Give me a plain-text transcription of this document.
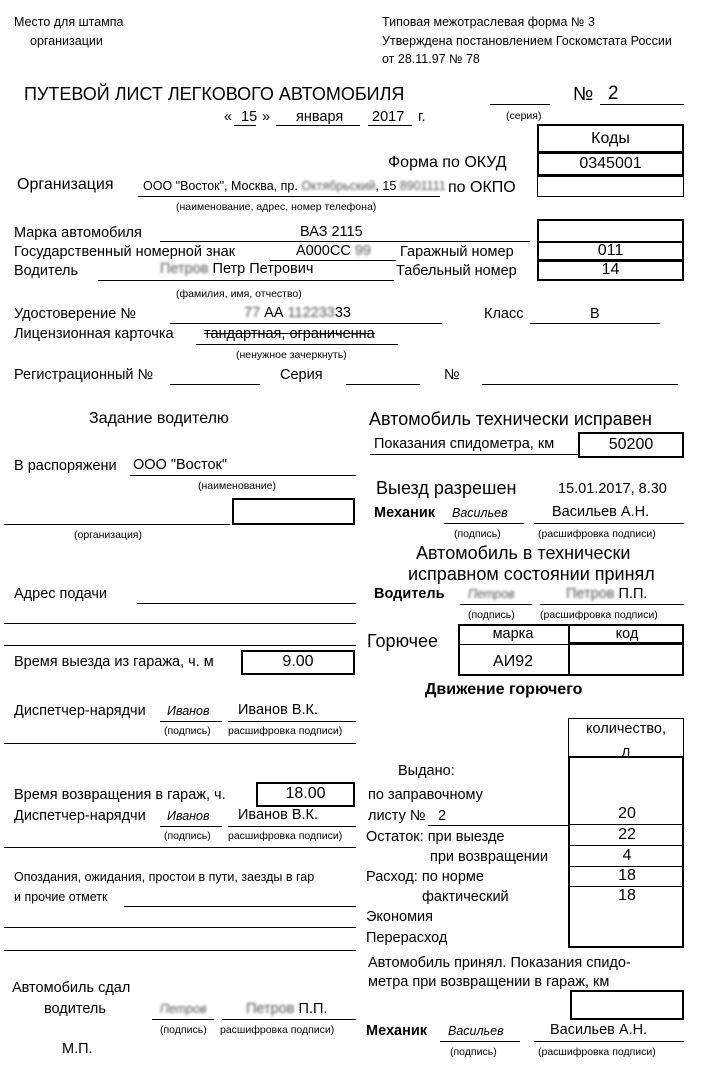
Место для штампа
организации
Типовая межотраслевая форма № 3
Утверждена постановлением Госкомстата России
от 28.11.97 № 78
ПУТЕВОЙ ЛИСТ ЛЕГКОВОГО АВТОМОБИЛЯ	№ 2
(серия)
« 15 » января 2017 г.
Коды
Форма по ОКУД	0345001
по ОКПО
Организация ООО "Восток", Москва, пр. Октябрьский, 15 8901111
(наименование, адрес, номер телефона)
Марка автомобиля	ВАЗ 2115
Государственный номерной знак	А000СС 99 Гаражный номер	011
Водитель	Петров Петр Петрович	Табельный номер	14
(фамилия, имя, отчество)
Удостоверение №	77 АА 11223333	Класс	В
Лицензионная карточка тандартная, ограниченна
(ненужное зачеркнуть)
Регистрационный №	Серия	№
Задание водителю
В распоряжени ООО "Восток"
(наименование)
(организация)
Адрес подачи
Время выезда из гаража, ч. м	9.00
Диспетчер-нарядчи Иванов Иванов В.К.
(подпись) расшифровка подписи)
Время возвращения в гараж, ч.	18.00
Диспетчер-нарядчи Иванов Иванов В.К.
(подпись) расшифровка подписи)
Опоздания, ожидания, простои в пути, заезды в гар
и прочие отметк
Автомобиль сдал
водитель	Петров	Петров П.П.
(подпись) расшифровка подписи)
М.П.
Автомобиль технически исправен
Показания спидометра, км	50200
Выезд разрешен	15.01.2017, 8.30
Механик Васильев	Васильев А.Н.
(подпись)	(расшифровка подписи)
Автомобиль в технически
исправном состоянии принял
Водитель Петров	Петров П.П.
(подпись) (расшифровка подписи)
Горючее	марка	код
АИ92
Движение горючего
количество,
л
Выдано:
по заправочному
листу № 2	20
Остаток: при выезде	22
при возвращении	4
Расход: по норме	18
фактический	18
Экономия
Перерасход
Автомобиль принял. Показания спидо-
метра при возвращении в гараж, км
Механик Васильев	Васильев А.Н.
(подпись)	(расшифровка подписи)
